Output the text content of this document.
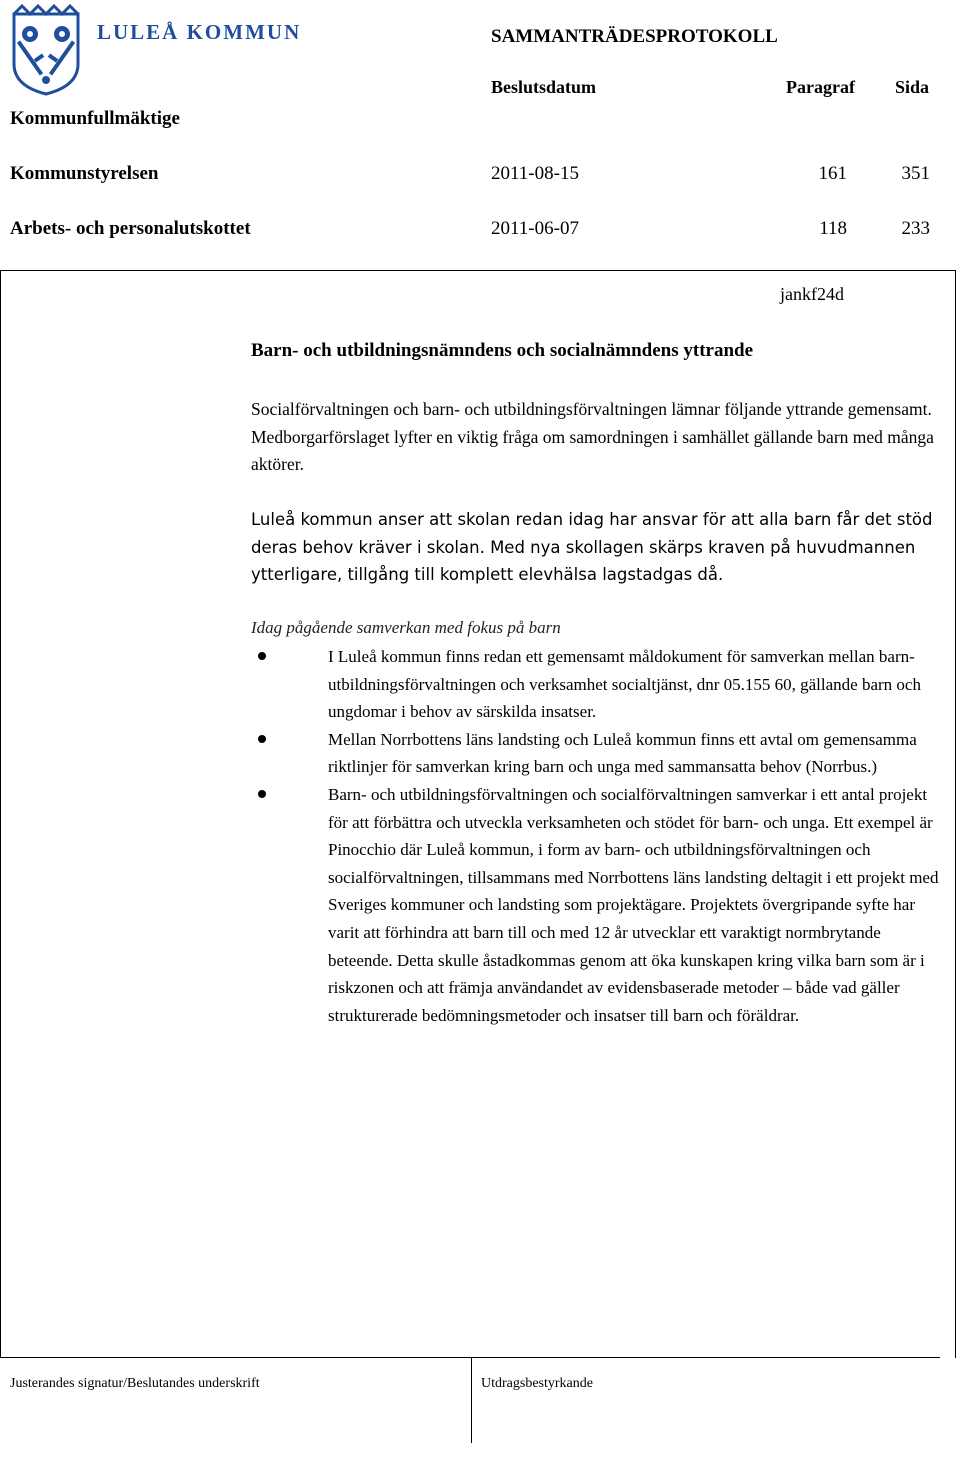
LULEÅ KOMMUN	SAMMANTRÄDESPROTOKOLL
Beslutsdatum	Paragraf Sida
Kommunfullmäktige
Kommunstyrelsen	2011-08-15	161	351
Arbets- och personalutskottet	2011-06-07	118	233
jankf24d
Barn- och utbildningsnämndens och socialnämndens yttrande

Socialförvaltningen och barn- och utbildningsförvaltningen lämnar följande yttrande gemensamt. Medborgarförslaget lyfter en viktig fråga om samordningen i samhället gällande barn med många aktörer.

Luleå kommun anser att skolan redan idag har ansvar för att alla barn får det stöd deras behov kräver i skolan. Med nya skollagen skärps kraven på huvudmannen ytterligare, tillgång till komplett elevhälsa lagstadgas då.

Idag pågående samverkan med fokus på barn
I Luleå kommun finns redan ett gemensamt måldokument för samverkan mellan barn-utbildningsförvaltningen och verksamhet socialtjänst, dnr 05.155 60, gällande barn och ungdomar i behov av särskilda insatser.
Mellan Norrbottens läns landsting och Luleå kommun finns ett avtal om gemensamma riktlinjer för samverkan kring barn och unga med sammansatta behov (Norrbus.)
Barn- och utbildningsförvaltningen och socialförvaltningen samverkar i ett antal projekt för att förbättra och utveckla verksamheten och stödet för barn- och unga. Ett exempel är Pinocchio där Luleå kommun, i form av barn- och utbildningsförvaltningen och socialförvaltningen, tillsammans med Norrbottens läns landsting deltagit i ett projekt med Sveriges kommuner och landsting som projektägare. Projektets övergripande syfte har varit att förhindra att barn till och med 12 år utvecklar ett varaktigt normbrytande beteende. Detta skulle åstadkommas genom att öka kunskapen kring vilka barn som är i riskzonen och att främja användandet av evidensbaserade metoder – både vad gäller strukturerade bedömningsmetoder och insatser till barn och föräldrar.
Justerandes signatur/Beslutandes underskrift	Utdragsbestyrkande
